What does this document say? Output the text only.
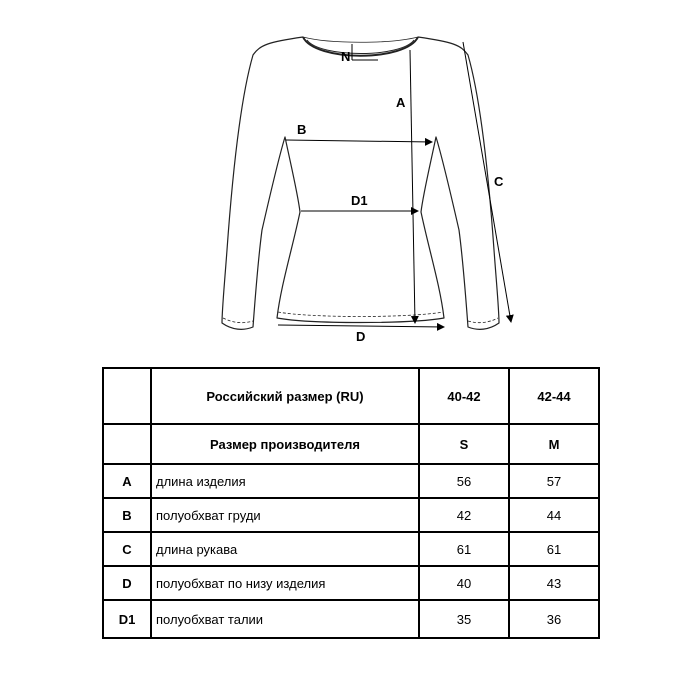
N
A
B
C
D1
D
	Российский размер (RU)	40-42	42-44
	Размер производителя	S	M
A	длина изделия	56	57
B	полуобхват груди	42	44
C	длина рукава	61	61
D	полуобхват по низу изделия	40	43
D1	полуобхват талии	35	36
